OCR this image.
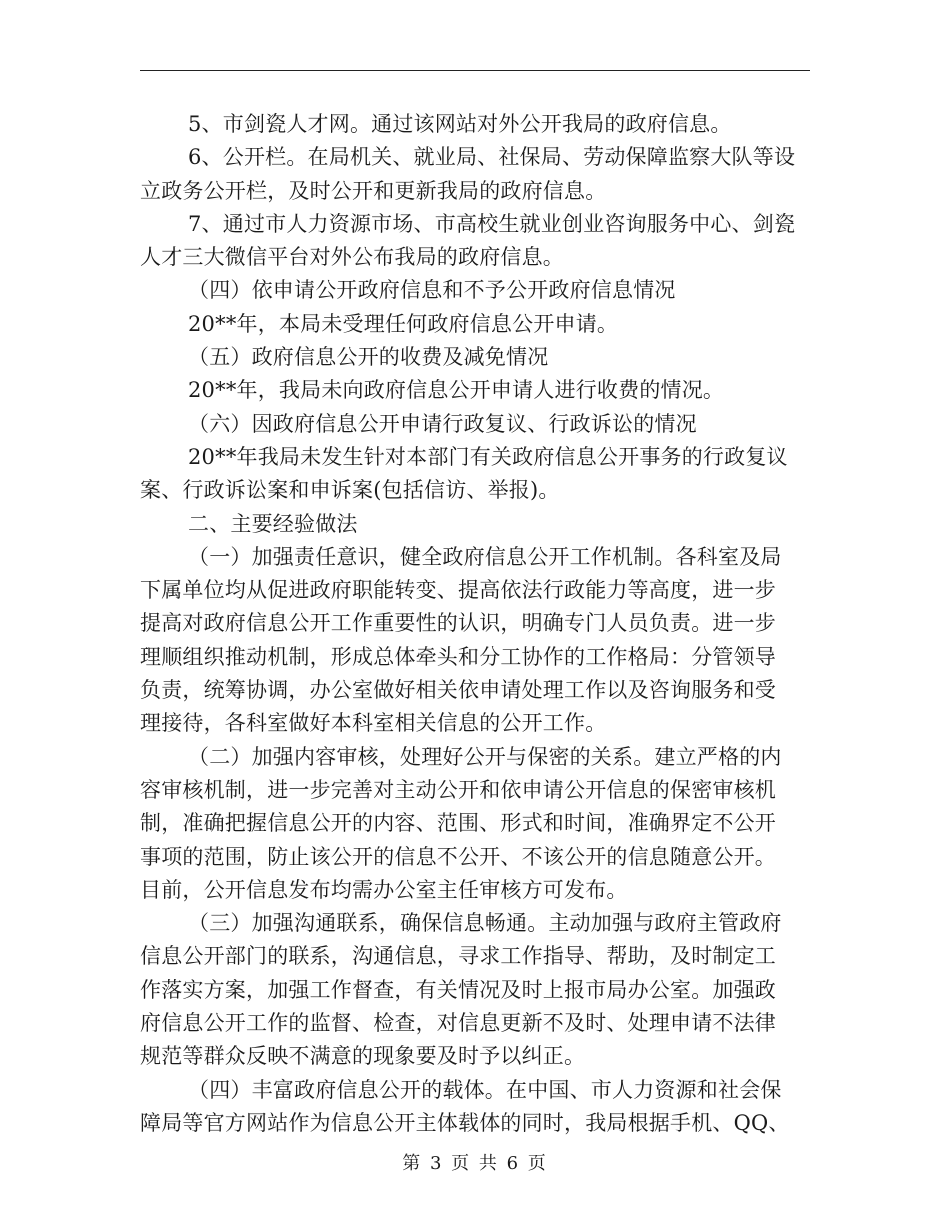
5、市剑瓷人才网。通过该网站对外公开我局的政府信息。
6、公开栏。在局机关、就业局、社保局、劳动保障监察大队等设
立政务公开栏，及时公开和更新我局的政府信息。
7、通过市人力资源市场、市高校生就业创业咨询服务中心、剑瓷
人才三大微信平台对外公布我局的政府信息。
（四）依申请公开政府信息和不予公开政府信息情况
20**年，本局未受理任何政府信息公开申请。
（五）政府信息公开的收费及减免情况
20**年，我局未向政府信息公开申请人进行收费的情况。
（六）因政府信息公开申请行政复议、行政诉讼的情况
20**年我局未发生针对本部门有关政府信息公开事务的行政复议
案、行政诉讼案和申诉案(包括信访、举报)。
二、主要经验做法
（一）加强责任意识，健全政府信息公开工作机制。各科室及局
下属单位均从促进政府职能转变、提高依法行政能力等高度，进一步
提高对政府信息公开工作重要性的认识，明确专门人员负责。进一步
理顺组织推动机制，形成总体牵头和分工协作的工作格局：分管领导
负责，统筹协调，办公室做好相关依申请处理工作以及咨询服务和受
理接待，各科室做好本科室相关信息的公开工作。
（二）加强内容审核，处理好公开与保密的关系。建立严格的内
容审核机制，进一步完善对主动公开和依申请公开信息的保密审核机
制，准确把握信息公开的内容、范围、形式和时间，准确界定不公开
事项的范围，防止该公开的信息不公开、不该公开的信息随意公开。
目前，公开信息发布均需办公室主任审核方可发布。
（三）加强沟通联系，确保信息畅通。主动加强与政府主管政府
信息公开部门的联系，沟通信息，寻求工作指导、帮助，及时制定工
作落实方案，加强工作督查，有关情况及时上报市局办公室。加强政
府信息公开工作的监督、检查，对信息更新不及时、处理申请不法律
规范等群众反映不满意的现象要及时予以纠正。
（四）丰富政府信息公开的载体。在中国、市人力资源和社会保
障局等官方网站作为信息公开主体载体的同时，我局根据手机、QQ、
第 3 页 共 6 页
